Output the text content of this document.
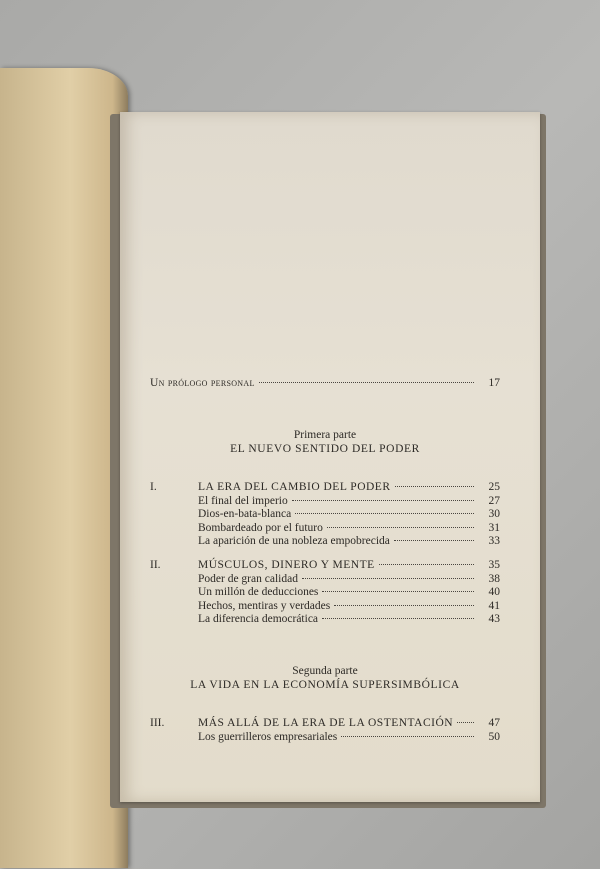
Un prólogo personal	17
Primera parte
EL NUEVO SENTIDO DEL PODER
I.	LA ERA DEL CAMBIO DEL PODER	25
El final del imperio	27
Dios-en-bata-blanca	30
Bombardeado por el futuro	31
La aparición de una nobleza empobrecida	33
II.	MÚSCULOS, DINERO Y MENTE	35
Poder de gran calidad	38
Un millón de deducciones	40
Hechos, mentiras y verdades	41
La diferencia democrática	43
Segunda parte
LA VIDA EN LA ECONOMÍA SUPERSIMBÓLICA
III.	MÁS ALLÁ DE LA ERA DE LA OSTENTACIÓN	47
Los guerrilleros empresariales	50
